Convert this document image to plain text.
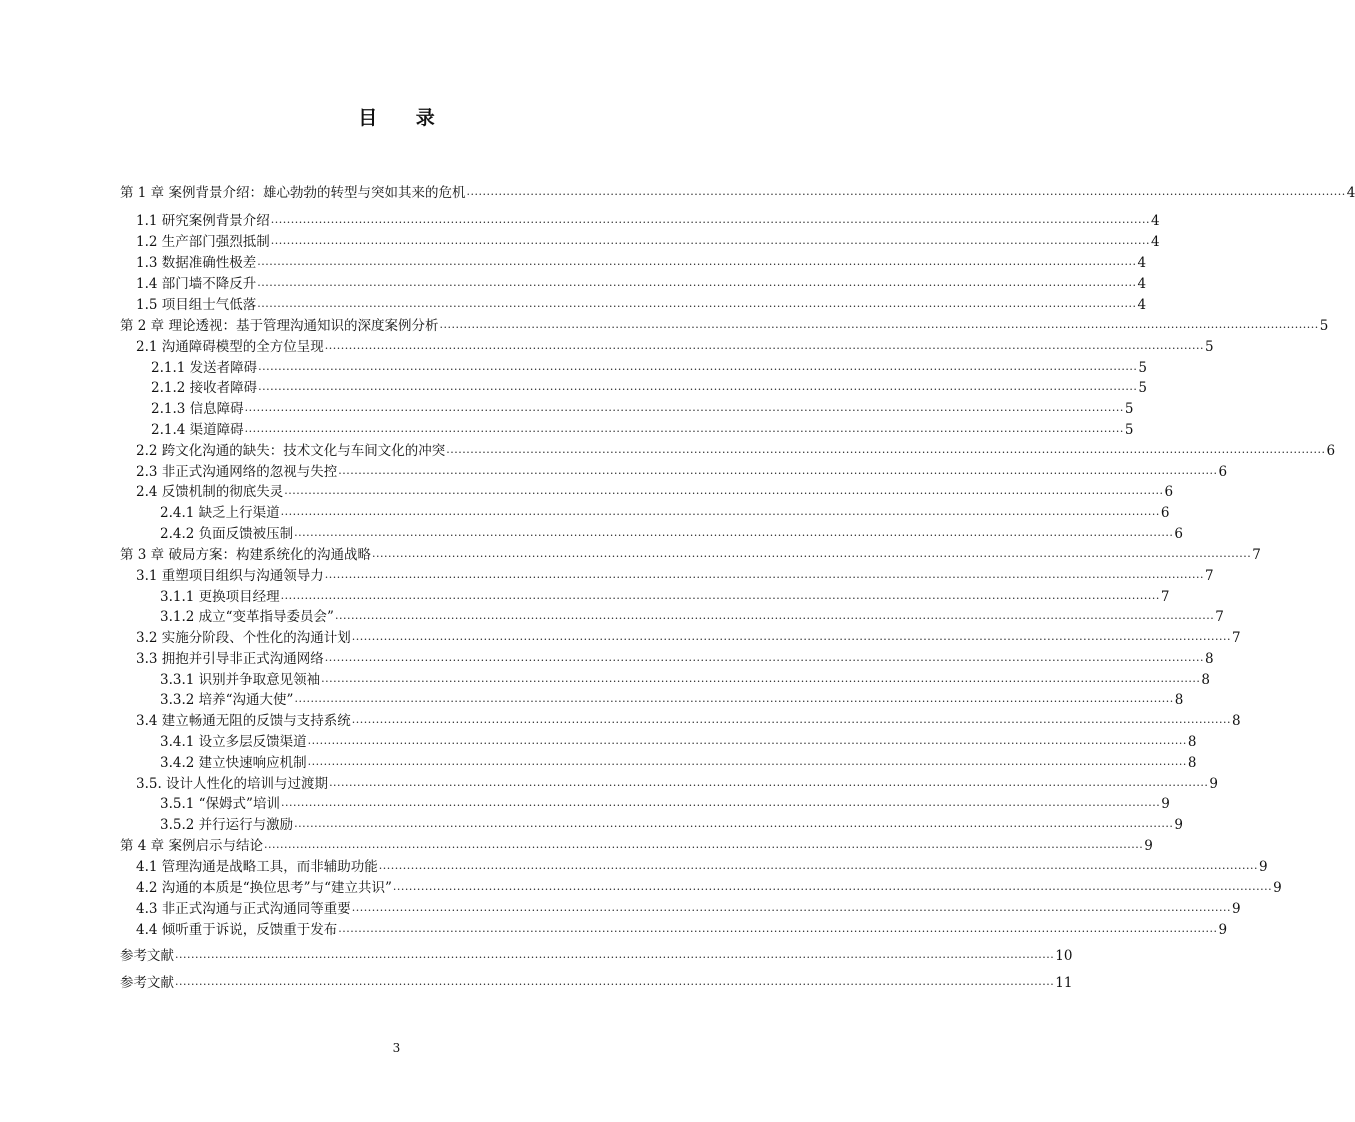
目 录
第 1 章 案例背景介绍：雄心勃勃的转型与突如其来的危机 ···························································································································································································································· 4
1.1 研究案例背景介绍 ···························································································································································································································· 4
1.2 生产部门强烈抵制 ···························································································································································································································· 4
1.3 数据准确性极差 ···························································································································································································································· 4
1.4 部门墙不降反升 ···························································································································································································································· 4
1.5 项目组士气低落 ···························································································································································································································· 4
第 2 章 理论透视：基于管理沟通知识的深度案例分析 ···························································································································································································································· 5
2.1 沟通障碍模型的全方位呈现 ···························································································································································································································· 5
2.1.1 发送者障碍 ···························································································································································································································· 5
2.1.2 接收者障碍 ···························································································································································································································· 5
2.1.3 信息障碍 ···························································································································································································································· 5
2.1.4 渠道障碍 ···························································································································································································································· 5
2.2 跨文化沟通的缺失：技术文化与车间文化的冲突 ···························································································································································································································· 6
2.3 非正式沟通网络的忽视与失控 ···························································································································································································································· 6
2.4 反馈机制的彻底失灵 ···························································································································································································································· 6
2.4.1 缺乏上行渠道 ···························································································································································································································· 6
2.4.2 负面反馈被压制 ···························································································································································································································· 6
第 3 章 破局方案：构建系统化的沟通战略 ···························································································································································································································· 7
3.1 重塑项目组织与沟通领导力 ···························································································································································································································· 7
3.1.1 更换项目经理 ···························································································································································································································· 7
3.1.2 成立“变革指导委员会” ···························································································································································································································· 7
3.2 实施分阶段、个性化的沟通计划 ···························································································································································································································· 7
3.3 拥抱并引导非正式沟通网络 ···························································································································································································································· 8
3.3.1 识别并争取意见领袖 ···························································································································································································································· 8
3.3.2 培养“沟通大使” ···························································································································································································································· 8
3.4 建立畅通无阻的反馈与支持系统 ···························································································································································································································· 8
3.4.1 设立多层反馈渠道 ···························································································································································································································· 8
3.4.2 建立快速响应机制 ···························································································································································································································· 8
3.5. 设计人性化的培训与过渡期 ···························································································································································································································· 9
3.5.1 “保姆式”培训 ···························································································································································································································· 9
3.5.2 并行运行与激励 ···························································································································································································································· 9
第 4 章 案例启示与结论 ···························································································································································································································· 9
4.1 管理沟通是战略工具，而非辅助功能 ···························································································································································································································· 9
4.2 沟通的本质是“换位思考”与“建立共识” ···························································································································································································································· 9
4.3 非正式沟通与正式沟通同等重要 ···························································································································································································································· 9
4.4 倾听重于诉说，反馈重于发布 ···························································································································································································································· 9
参考文献 ···························································································································································································································· 10
参考文献 ···························································································································································································································· 11
3
